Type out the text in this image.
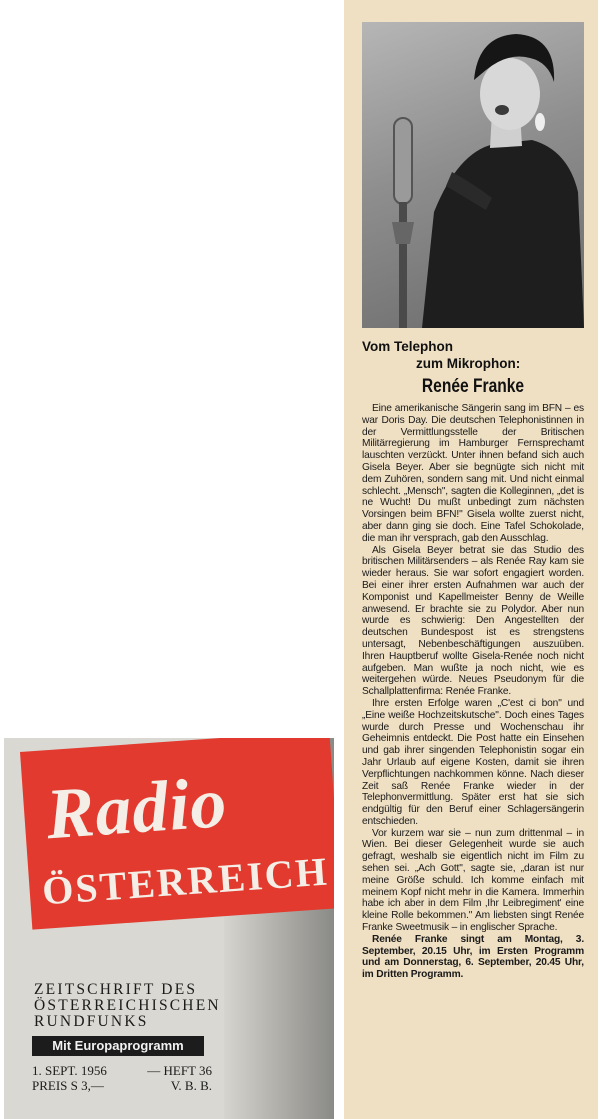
Vom Telephon
zum Mikrophon:
Renée Franke

Eine amerikanische Sängerin sang im BFN – es war Doris Day. Die deutschen Telephonistinnen in der Vermittlungsstelle der Britischen Militärregierung im Hamburger Fernsprechamt lauschten verzückt. Unter ihnen befand sich auch Gisela Beyer. Aber sie begnügte sich nicht mit dem Zuhören, sondern sang mit. Und nicht einmal schlecht. „Mensch", sagten die Kolleginnen, „det is ne Wucht! Du mußt unbedingt zum nächsten Vorsingen beim BFN!" Gisela wollte zuerst nicht, aber dann ging sie doch. Eine Tafel Schokolade, die man ihr versprach, gab den Ausschlag.

Als Gisela Beyer betrat sie das Studio des britischen Militärsenders – als Renée Ray kam sie wieder heraus. Sie war sofort engagiert worden. Bei einer ihrer ersten Aufnahmen war auch der Komponist und Kapellmeister Benny de Weille anwesend. Er brachte sie zu Polydor. Aber nun wurde es schwierig: Den Angestellten der deutschen Bundespost ist es strengstens untersagt, Nebenbeschäftigungen auszuüben. Ihren Hauptberuf wollte Gisela-Renée noch nicht aufgeben. Man wußte ja noch nicht, wie es weitergehen würde. Neues Pseudonym für die Schallplattenfirma: Renée Franke.

Ihre ersten Erfolge waren „C'est ci bon" und „Eine weiße Hochzeitskutsche". Doch eines Tages wurde durch Presse und Wochenschau ihr Geheimnis entdeckt. Die Post hatte ein Einsehen und gab ihrer singenden Telephonistin sogar ein Jahr Urlaub auf eigene Kosten, damit sie ihren Verpflichtungen nachkommen könne. Nach dieser Zeit saß Renée Franke wieder in der Telephonvermittlung. Später erst hat sie sich endgültig für den Beruf einer Schlagersängerin entschieden.

Vor kurzem war sie – nun zum drittenmal – in Wien. Bei dieser Gelegenheit wurde sie auch gefragt, weshalb sie eigentlich nicht im Film zu sehen sei. „Ach Gott", sagte sie, „daran ist nur meine Größe schuld. Ich komme einfach mit meinem Kopf nicht mehr in die Kamera. Immerhin habe ich aber in dem Film ‚Ihr Leibregiment' eine kleine Rolle bekommen." Am liebsten singt Renée Franke Sweetmusik – in englischer Sprache.

Renée Franke singt am Montag, 3. September, 20.15 Uhr, im Ersten Programm und am Donnerstag, 6. September, 20.45 Uhr, im Dritten Programm.

Radio
ÖSTERREICH
ZEITSCHRIFT DES
ÖSTERREICHISCHEN
RUNDFUNKS
Mit Europaprogramm
1. SEPT. 1956	— HEFT 36
PREIS S 3,—	V. B. B.
